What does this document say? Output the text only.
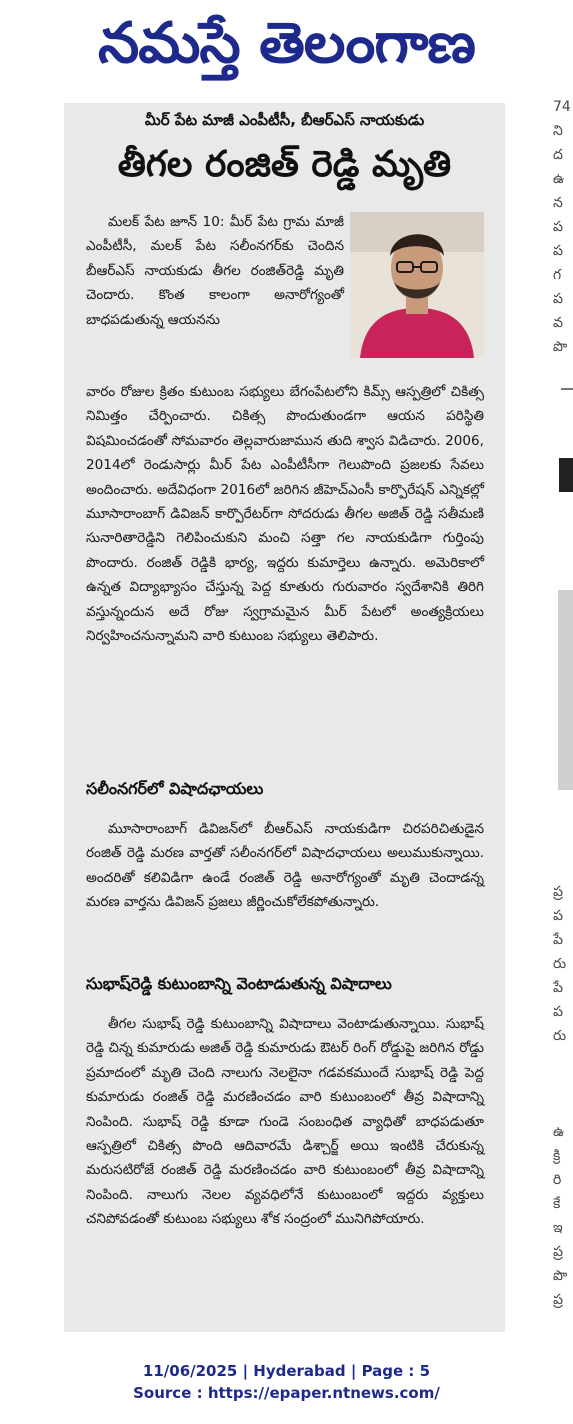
నమస్తే తెలంగాణ
మీర్ పేట మాజీ ఎంపీటీసీ, బీఆర్ఎస్ నాయకుడు
తీగల రంజిత్ రెడ్డి మృతి
మలక్ పేట జూన్ 10: మీర్ పేట గ్రామ మాజీ ఎంపీటీసీ, మలక్ పేట సలీంనగర్‌కు చెందిన బీఆర్ఎస్ నాయకుడు తీగల రంజిత్‌రెడ్డి మృతి చెందారు. కొంత కాలంగా అనారోగ్యంతో బాధపడుతున్న ఆయనను
వారం రోజుల క్రితం కుటుంబ సభ్యులు బేగంపేటలోని కిమ్స్ ఆస్పత్రిలో చికిత్స నిమిత్తం చేర్పించారు. చికిత్స పొందుతుండగా ఆయన పరిస్థితి విషమించడంతో సోమవారం తెల్లవారుజామున తుది శ్వాస విడిచారు. 2006, 2014లో రెండుసార్లు మీర్ పేట ఎంపీటీసీగా గెలుపొంది ప్రజలకు సేవలు అందించారు. అదేవిధంగా 2016లో జరిగిన జీహెచ్ఎంసీ కార్పొరేషన్ ఎన్నికల్లో మూసారాంబాగ్ డివిజన్ కార్పొరేటర్‌గా సోదరుడు తీగల అజిత్ రెడ్డి సతీమణి సునారితారెడ్డిని గెలిపించుకుని మంచి సత్తా గల నాయకుడిగా గుర్తింపు పొందారు. రంజిత్ రెడ్డికి భార్య, ఇద్దరు కుమార్తెలు ఉన్నారు. అమెరికాలో ఉన్నత విద్యాభ్యాసం చేస్తున్న పెద్ద కూతురు గురువారం స్వదేశానికి తిరిగి వస్తున్నందున అదే రోజు స్వగ్రామమైన మీర్ పేటలో అంత్యక్రియలు నిర్వహించనున్నామని వారి కుటుంబ సభ్యులు తెలిపారు.
సలీంనగర్‌లో విషాదఛాయలు
మూసారాంబాగ్ డివిజన్‌లో బీఆర్ఎస్ నాయకుడిగా చిరపరిచితుడైన రంజిత్ రెడ్డి మరణ వార్తతో సలీంనగర్‌లో విషాదఛాయలు అలుముకున్నాయి. అందరితో కలివిడిగా ఉండే రంజిత్ రెడ్డి అనారోగ్యంతో మృతి చెందాడన్న మరణ వార్తను డివిజన్ ప్రజలు జీర్ణించుకోలేకపోతున్నారు.
సుభాష్‌రెడ్డి కుటుంబాన్ని వెంటాడుతున్న విషాదాలు
తీగల సుభాష్ రెడ్డి కుటుంబాన్ని విషాదాలు వెంటాడుతున్నాయి. సుభాష్ రెడ్డి చిన్న కుమారుడు అజిత్ రెడ్డి కుమారుడు ఔటర్ రింగ్ రోడ్డుపై జరిగిన రోడ్డు ప్రమాదంలో మృతి చెంది నాలుగు నెలలైనా గడవకముందే సుభాష్ రెడ్డి పెద్ద కుమారుడు రంజిత్ రెడ్డి మరణించడం వారి కుటుంబంలో తీవ్ర విషాదాన్ని నింపింది. సుభాష్ రెడ్డి కూడా గుండె సంబంధిత వ్యాధితో బాధపడుతూ ఆస్పత్రిలో చికిత్స పొంది ఆదివారమే డిశ్చార్జ్ అయి ఇంటికి చేరుకున్న మరుసటిరోజే రంజిత్ రెడ్డి మరణించడం వారి కుటుంబంలో తీవ్ర విషాదాన్ని నింపింది. నాలుగు నెలల వ్యవధిలోనే కుటుంబంలో ఇద్దరు వ్యక్తులు చనిపోవడంతో కుటుంబ సభ్యులు శోక సంద్రంలో మునిగిపోయారు.
74
ని
ద
ఉ
న
ప
ప
గ
ప
వ
పొ
ప్ర
ప
పే
రు
పే
ప
రు
ఉ
క్రి
రి
కే
ఇ
ప్ర
పొ
ప్ర
11/06/2025 | Hyderabad | Page : 5
Source : https://epaper.ntnews.com/
